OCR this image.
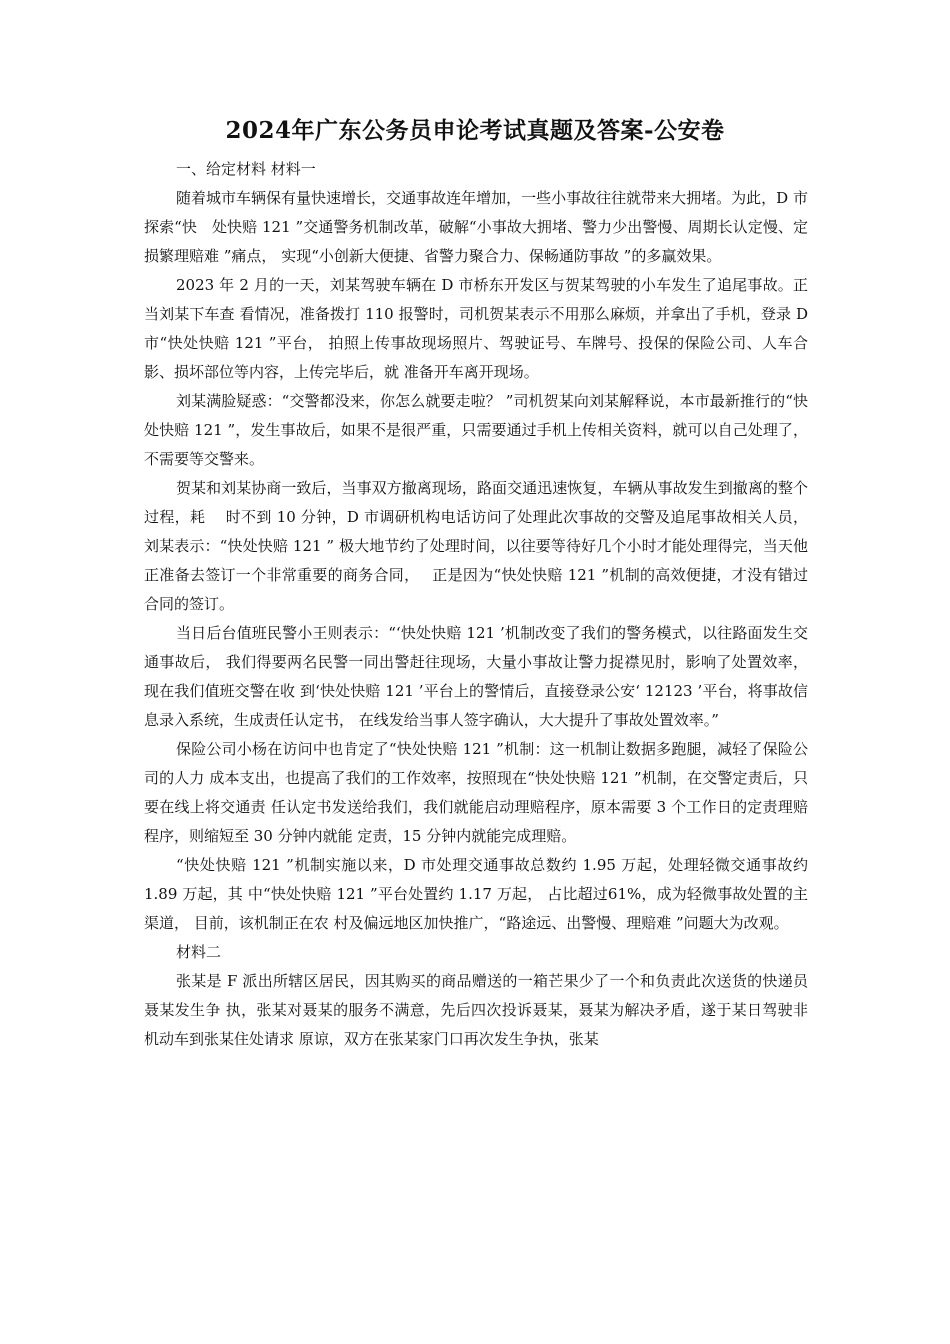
2024年广东公务员申论考试真题及答案-公安卷

一、给定材料 材料一

随着城市车辆保有量快速增长，交通事故连年增加，一些小事故往往就带来大拥堵。为此，D 市探索“快　处快赔 121 ”交通警务机制改革，破解“小事故大拥堵、警力少出警慢、周期长认定慢、定损繁理赔难 ”痛点， 实现“小创新大便捷、省警力聚合力、保畅通防事故 ”的多赢效果。

2023 年 2 月的一天，刘某驾驶车辆在 D 市桥东开发区与贺某驾驶的小车发生了追尾事故。正当刘某下车查 看情况，准备拨打 110 报警时，司机贺某表示不用那么麻烦，并拿出了手机，登录 D 市“快处快赔 121 ”平台， 拍照上传事故现场照片、驾驶证号、车牌号、投保的保险公司、人车合影、损坏部位等内容，上传完毕后，就 准备开车离开现场。

刘某满脸疑惑：“交警都没来，你怎么就要走啦？ ”司机贺某向刘某解释说，本市最新推行的“快处快赔 121 ”，发生事故后，如果不是很严重，只需要通过手机上传相关资料，就可以自己处理了，不需要等交警来。

贺某和刘某协商一致后，当事双方撤离现场，路面交通迅速恢复，车辆从事故发生到撤离的整个过程，耗　 时不到 10 分钟，D 市调研机构电话访问了处理此次事故的交警及追尾事故相关人员，刘某表示：“快处快赔 121 ” 极大地节约了处理时间，以往要等待好几个小时才能处理得完，当天他正准备去签订一个非常重要的商务合同，　 正是因为“快处快赔 121 ”机制的高效便捷，才没有错过合同的签订。

当日后台值班民警小王则表示：“‘快处快赔 121 ’机制改变了我们的警务模式，以往路面发生交通事故后， 我们得要两名民警一同出警赶往现场，大量小事故让警力捉襟见肘，影响了处置效率，现在我们值班交警在收 到‘快处快赔 121 ’平台上的警情后，直接登录公安‘ 12123 ’平台，将事故信息录入系统，生成责任认定书， 在线发给当事人签字确认，大大提升了事故处置效率。”

保险公司小杨在访问中也肯定了“快处快赔 121 ”机制：这一机制让数据多跑腿，减轻了保险公司的人力 成本支出，也提高了我们的工作效率，按照现在“快处快赔 121 ”机制，在交警定责后，只要在线上将交通责 任认定书发送给我们，我们就能启动理赔程序，原本需要 3 个工作日的定责理赔程序，则缩短至 30 分钟内就能 定责，15 分钟内就能完成理赔。

“快处快赔 121 ”机制实施以来，D 市处理交通事故总数约 1.95 万起，处理轻微交通事故约 1.89 万起，其 中“快处快赔 121 ”平台处置约 1.17 万起， 占比超过61%，成为轻微事故处置的主渠道， 目前，该机制正在农 村及偏远地区加快推广，“路途远、出警慢、理赔难 ”问题大为改观。

材料二

张某是 F 派出所辖区居民，因其购买的商品赠送的一箱芒果少了一个和负责此次送货的快递员聂某发生争 执，张某对聂某的服务不满意，先后四次投诉聂某，聂某为解决矛盾，遂于某日驾驶非机动车到张某住处请求 原谅，双方在张某家门口再次发生争执，张某
